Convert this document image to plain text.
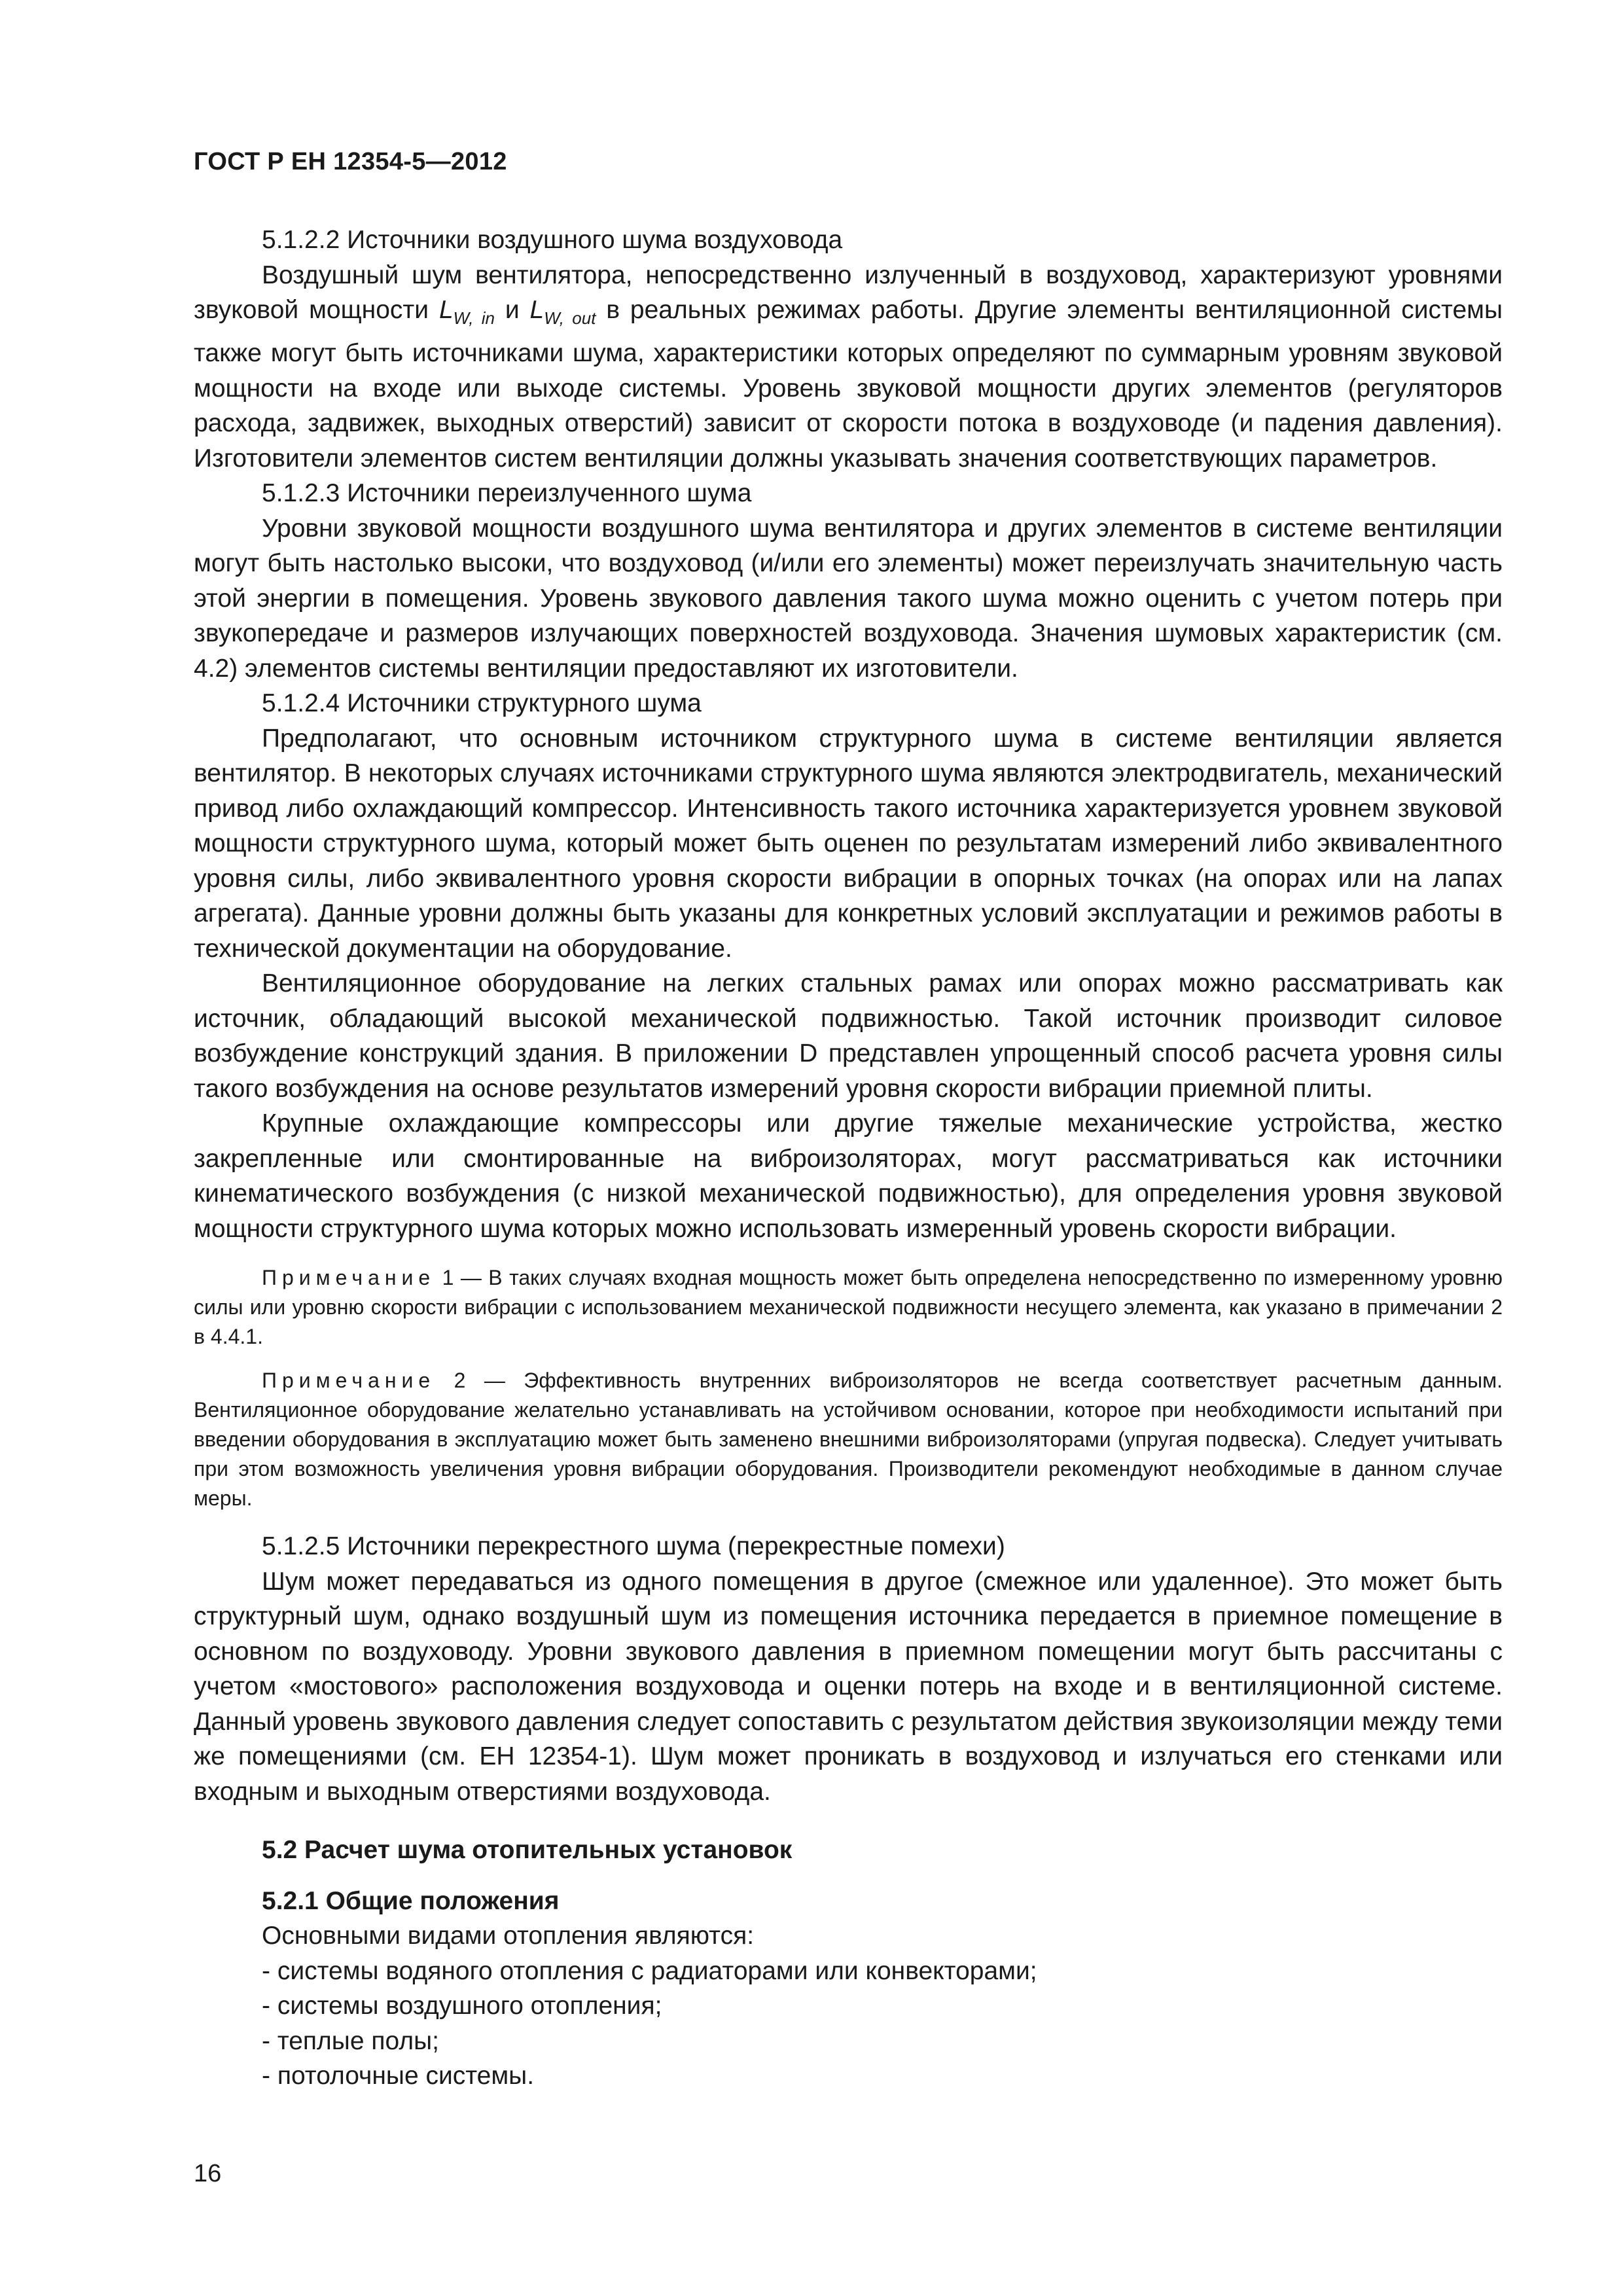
ГОСТ Р ЕН 12354-5—2012

5.1.2.2 Источники воздушного шума воздуховода

Воздушный шум вентилятора, непосредственно излученный в воздуховод, характеризуют уровнями звуковой мощности $L_{W, in}$ и $L_{W, out}$ в реальных режимах работы. Другие элементы вентиляционной системы также могут быть источниками шума, характеристики которых определяют по суммарным уровням звуковой мощности на входе или выходе системы. Уровень звуковой мощности других элементов (регуляторов расхода, задвижек, выходных отверстий) зависит от скорости потока в воздуховоде (и падения давления). Изготовители элементов систем вентиляции должны указывать значения соответствующих параметров.

5.1.2.3 Источники переизлученного шума

Уровни звуковой мощности воздушного шума вентилятора и других элементов в системе вентиляции могут быть настолько высоки, что воздуховод (и/или его элементы) может переизлучать значительную часть этой энергии в помещения. Уровень звукового давления такого шума можно оценить с учетом потерь при звукопередаче и размеров излучающих поверхностей воздуховода. Значения шумовых характеристик (см. 4.2) элементов системы вентиляции предоставляют их изготовители.

5.1.2.4 Источники структурного шума

Предполагают, что основным источником структурного шума в системе вентиляции является вентилятор. В некоторых случаях источниками структурного шума являются электродвигатель, механический привод либо охлаждающий компрессор. Интенсивность такого источника характеризуется уровнем звуковой мощности структурного шума, который может быть оценен по результатам измерений либо эквивалентного уровня силы, либо эквивалентного уровня скорости вибрации в опорных точках (на опорах или на лапах агрегата). Данные уровни должны быть указаны для конкретных условий эксплуатации и режимов работы в технической документации на оборудование.

Вентиляционное оборудование на легких стальных рамах или опорах можно рассматривать как источник, обладающий высокой механической подвижностью. Такой источник производит силовое возбуждение конструкций здания. В приложении D представлен упрощенный способ расчета уровня силы такого возбуждения на основе результатов измерений уровня скорости вибрации приемной плиты.

Крупные охлаждающие компрессоры или другие тяжелые механические устройства, жестко закрепленные или смонтированные на виброизоляторах, могут рассматриваться как источники кинематического возбуждения (с низкой механической подвижностью), для определения уровня звуковой мощности структурного шума которых можно использовать измеренный уровень скорости вибрации.

Примечание 1 — В таких случаях входная мощность может быть определена непосредственно по измеренному уровню силы или уровню скорости вибрации с использованием механической подвижности несущего элемента, как указано в примечании 2 в 4.4.1.

Примечание 2 — Эффективность внутренних виброизоляторов не всегда соответствует расчетным данным. Вентиляционное оборудование желательно устанавливать на устойчивом основании, которое при необходимости испытаний при введении оборудования в эксплуатацию может быть заменено внешними виброизоляторами (упругая подвеска). Следует учитывать при этом возможность увеличения уровня вибрации оборудования. Производители рекомендуют необходимые в данном случае меры.

5.1.2.5 Источники перекрестного шума (перекрестные помехи)

Шум может передаваться из одного помещения в другое (смежное или удаленное). Это может быть структурный шум, однако воздушный шум из помещения источника передается в приемное помещение в основном по воздуховоду. Уровни звукового давления в приемном помещении могут быть рассчитаны с учетом «мостового» расположения воздуховода и оценки потерь на входе и в вентиляционной системе. Данный уровень звукового давления следует сопоставить с результатом действия звукоизоляции между теми же помещениями (см. ЕН 12354-1). Шум может проникать в воздуховод и излучаться его стенками или входным и выходным отверстиями воздуховода.

5.2 Расчет шума отопительных установок

5.2.1 Общие положения

Основными видами отопления являются:

- системы водяного отопления с радиаторами или конвекторами;

- системы воздушного отопления;

- теплые полы;

- потолочные системы.

16
